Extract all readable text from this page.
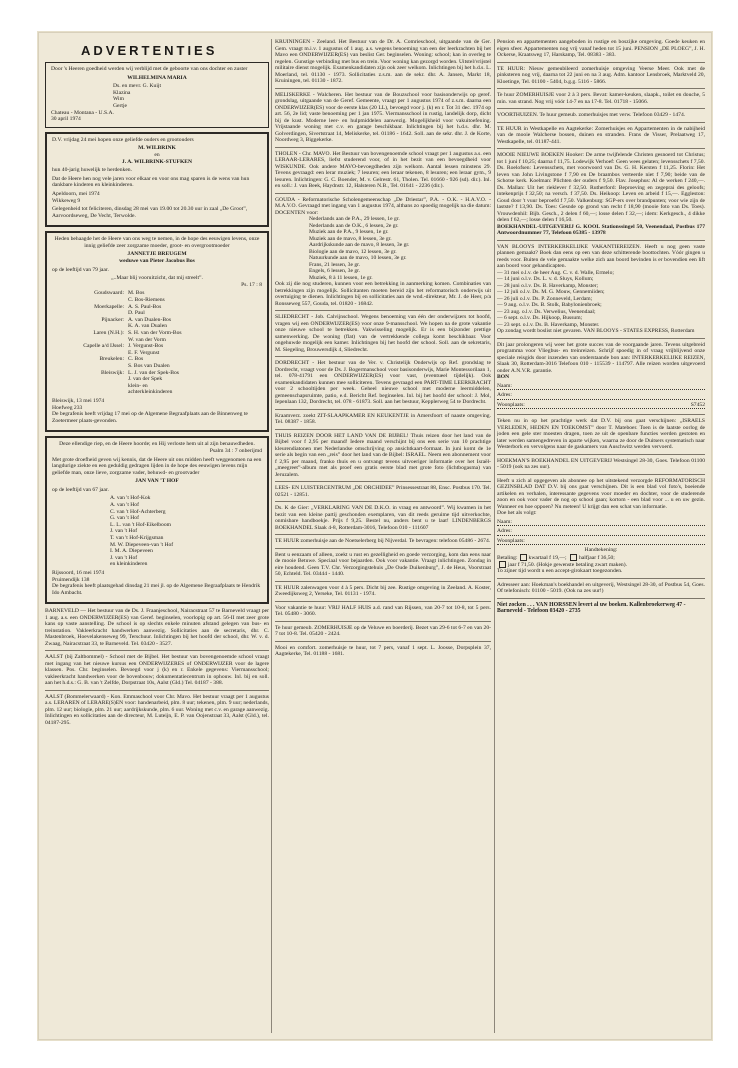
ADVERTENTIES

Door 's Heeren goedheid werden wij verblijd met de geboorte van ons dochter en zuster

WILHELMINA MARIA

Ds. en mevr. G. Kuijt
Klazina
Wim
Gertje
Chateau - Montana - U.S.A.
30 april 1974

D.V. vrijdag 24 mei hopen onze geliefde ouders en grootouders

M. WILBRINK

en

J. A. WILBRINK-STUFKEN

hun 40-jarig huwelijk te herdenken.

Dat de Heere hen nog vele jaren voor elkaar en voor ons mag sparen is de wens van hun dankbare kinderen en kleinkinderen.

Apeldoorn, mei 1974

Wikkeweg 9

Gelegenheid tot feliciteren, dinsdag 28 mei van 19.00 tot 20.30 uur in zaal „De Groot”, Aarvoordseweg, De Vecht, Terwolde.

Heden behaagde het de Heere van ons weg te nemen, in de hope des eeuwigen levens, onze innig geliefde zeer zorgzame moeder, groot- en overgrootmoeder

JANNETJE BREUGEM

weduwe van Pieter Jacobus Bos

op de leeftijd van 79 jaar.

„..Maar blij vooruitzicht, dat mij streelt”.

Ps. 17 : 8

Goudswaard: M. Bos
C. Bos-Riemens
Moerkapelle: A. S. Paul-Bos
D. Paul
Pijnacker: A. van Dualen-Bos
K. A. van Dualen
Laren (N.H.): S. H. van der Vorm-Bos
W. van der Vorm
Capelle a/d IJssel: J. Vergunst-Bos
E. F. Vergunst
Breukelen: C. Bos
S. Bos van Dualen
Bleiswijk: L. J. van der Spek-Bos
J. van der Spek
klein- en
achterkleinkinderen
Bleiswijk, 13 mei 1974
Hoefweg 233

De begrafenis heeft vrijdag 17 mei op de Algemene Begraafplaats aan de Binnenweg te Zoetermeer plaats-gevonden.

Deze ellendige riep, en de Heere hoorde; en Hij verloste hem uit al zijn benauwdheden.

Psalm 34 : 7 onberijmd

Met grote droefheid geven wij kennis, dat de Heere uit ons midden heeft weggenomen na een langdurige ziekte en een geduldig gedragen lijden in de hope des eeuwigen levens mijn geliefde man, onze lieve, zorgzame vader, behuwd- en grootvader

JAN VAN 'T HOF

op de leeftijd van 67 jaar.

A. van 't Hof-Kok
A. van 't Hof
C. van 't Hof-Achterberg
G. van 't Hof
L. L. van 't Hof-Eikelboom
J. van 't Hof
T. van 't Hof-Krijgsman
M. W. Diepeveen-van 't Hof
I. M. A. Diepeveen
J. van 't Hof
en kleinkinderen
Rijssoord, 16 mei 1974
Pruimendijk 138

De begrafenis heeft plaatsgehad dinsdag 21 mei jl. op de Algemene Begraafplaats te Hendrik Ido Ambacht.

BARNEVELD — Het bestuur van de Ds. J. Fraanjeschool, Nairacstraat 57 te Barneveld vraagt per 1 aug. a.s. een ONDERWIJZER(ES) van Geref. beginselen, voorlopig op art. 56-II met zeer grote kans op vaste aanstelling. De school is op slechts enkele minuten afstand gelegen van bus- en treinstation. Vakleerkracht handwerken aanwezig. Sollicitaties aan de secretaris, dhr. C. Mastenbroek, Hoevelakenseweg 99, Terschuur. Inlichtingen bij het hoofd der school, dhr. W. v. d. Zwaag, Nairacstraat 33, te Barneveld. Tel. 03420 - 3527.
AALST (bij Zaltbommel) - School met de Bijbel. Het bestuur van bovengenoemde school vraagt met ingang van het nieuwe kursus een ONDERWIJZERES of ONDERWIJZER voor de lagere klassen. Pos. Chr. beginselen. Bevoegd voor j (k) en r. Enkele gegevens: Viermansschool; vakleerkracht handwerken voor de bovenbouw; dokumentatiecentrum in ophouw. Inl. bij en soll. aan het h.d.s.: G. B. van 't Zelfde, Dorpstraat 10s, Aalst (Gld.) Tel. 04187 - 388.
AALST (Bommelerwaard) - Kon. Emmaschool voor Chr. Mavo. Het bestuur vraagt per 1 augustus a.s. LERAREN of LERARE(S)EN voor: handenarbeid, plm. 8 uur; tekenen, plm. 9 uur; nederlands, plm. 12 uur; biologie, plm. 21 uur; aardrijkskunde, plm. 6 uur. Woning met c.v. en garage aanwezig. Inlichtingen en sollicitaties aan de directeur, M. Luteijn, E. P. van Oojenstraat 33, Aalst (Gld.), tel. 04187-295.
KRUININGEN - Zeeland. Het Bestuur van de Dr. A. Comrieschool, uitgaande van de Ger. Gem. vraagt m.i.v. 1 augustus of 1 aug. a.s. wegens benoeming van een der leerkrachten bij het Mavo een ONDERWIJZER(ES) van beslist Ger. beginselen. Woning: school; kan in overleg te regelen. Gunstige verbinding met bus en trein. Voor woning kan gezorgd worden. Uitstel/vrijstel militaire dienst mogelijk. Examenkandidaten zijn ook zeer welkom. Inlichtingen bij het h.d.s. L. Moerland, tel. 01130 - 1973. Sollicitaties z.s.m. aan de sekr. dhr. A. Jansen, Markt 18, Kruiningen, tel. 01130 - 1872.
MELISKERKE - Walcheren. Het bestuur van de Bouzschool voor basisonderwijs op geref. grondslag, uitgaande van de Geref. Gemeente, vraagt per 1 augustus 1974 of z.s.m. daarna een ONDERWIJZER(ES) voor de eerste klas (20 LL), bevoegd voor j. (k) en r. Tot 31 dec. 1974 op art. 56, 2e lid; vaste benoeming per 1 jan 1975. Viermansschool in rustig, landelijk dorp, dicht bij de kust. Moderne leer- en hulpmiddelen aanwezig. Mogelijkheid voor vakuitoefening. Vrijstaande woning met c.v. en garage beschikbaar. Inlichtingen bij het h.d.s. dhr. M. Golverdingen, Sivertstraat 14, Meliskerke, tel. 01186 - 1642. Soll. aan de sekr. dhr. J. de Korte, Noordweg 3, Biggekerke.
THOLEN - Chr. MAVO. Het Bestuur van bovengenoemde school vraagt per 1 augustus a.s. een LERAAR-LERARES, liefst studerend voor, of in het bezit van een bevoegdheid voor WISKUNDE. Ook andere MAVO-bevoegdheden zijn welkom. Aantal lessen minstens 29. Tevens gevraagd: een lerar muziek; 7 lesuren; een leraar tekenen, 8 lesuren; een leraar gym., 9 lesuren. Inlichtingen: G. C. Boender, M. v. Gelrestr. 61, Tholen. Tel. 01660 - 926 (sd). dir.). Inl. en soll.: J. van Beek, Haydnstr. 12, Halsteren N.B., Tel. 01641 - 2236 (dir.).
GOUDA - Reformatorische Scholengemeenschap „De Driestar”, P.A. - O.K. - H.A.V.O. - M.A.V.O. Gevraagd met ingang van 1 augustus 1974, althans zo spoedig mogelijk na die datum: DOCENTEN voor:
Nederlands aan de P.A., 29 lessen, 1e gr.
Nederlands aan de O.K., 6 lessen, 2e gr.
Muziek aan de P.A., 9 lessen, 1e gr.
Muziek aan de mavo, 8 lessen, 3e gr.
Aardrijkskunde aan de mavo, 8 lessen, 3e gr.
Biologie aan de mavo, 12 lessen, 3e gr.
Natuurkunde aan de mavo, 10 lessen, 3e gr.
Frans, 21 lessen, 3e gr.
Engels, 6 lessen, 3e gr.
Muziek, 8 à 11 lessen, 1e gr.
Ook zij die nog studeren, kunnen voor een betrekking in aanmerking komen. Combinaties van betrekkingen zijn mogelijk. Sollicitanten moeten bereid zijn het reformatorisch onderwijs uit overtuiging te dienen. Inlichtingen bij en sollicitaties aan de wnd.-direkteur, Mr. J. de Heer, p/a Ronsseweg 557, Gouda, tel. 01820 - 16842.
SLIEDRECHT - Job. Calvijnschool. Wegens benoeming van één der onderwijzers tot hoofd, vragen wij een ONDERWIJZER(ES) voor onze 9-mansschool. We hopen na de grote vakantie onze nieuwe school te betrekken. Vakwisseling mogelijk. Er is een bijzonder prettige samenwerking. De woning (flat) van de vertrekkende collega komt beschikbaar. Voor ongehuwde mogelijk een kamer. Inlichtingen bij het hoofd der school. Soll. aan de sekretaris, M. Siegeling, Brouwersdijk 4, Sliedrecht.
DORDRECHT - Het bestuur van de Ver. v. Christelijk Onderwijs op Ref. grondslag te Dordrecht, vraagt voor de Ds. J. Bogermanschool voor basisonderwijs, Marie Montessorilaan 1, tel. 078-41791 een ONDERWIJZER(ES) voor vast, (eventueel tijdelijk). Ook examenkandidaten kunnen mee solliciteren. Tevens gevraagd een PART-TIME LEERKRACHT voor 2 schooltijden per week. Geheel nieuwe school met moderne leermiddelen, gemeenschapsruimte, patio, e.d. Bericht Ref. beginselen. Inl. bij het hoofd der school: J. Mol, Iepenlaan 132, Dordrecht, tel. 078 - 61873. Soll. aan het bestuur, Kepplerweg 54 te Dordrecht.
Kraamverz. zoekt ZIT-SLAAPKAMER EN KEUKENTJE in Amersfoort of naaste omgeving. Tel. 08387 - 1858.
THUIS REIZEN DOOR HET LAND VAN DE BIJBEL! Thuis reizen door het land van de Bijbel voor f 2,95 per maand! Iedere maand verschijnt bij ons een serie van 10 prachtige kleurendiatonen met Nederlandse omschrijving op ansichtkaart-formaat. In juni komt de 1e serie als begin van een „reis” door het land van de Bijbel: ISRAEL. Neem een abonnement voor f 2,95 per maand, franko thuis en u ontvangt tevens uitvoeriger informatie over het Israël-„meegreet”-album met als proef een gratis eerste blad met grote foto (lichtbogasma) van Jeruzalem.
LEES- EN LUISTERCENTRUM „DE ORCHIDEE” Prinsessestraat 88, Ensc. Postbus 170. Tel. 02521 - 12851.
Ds. K de Gier: „VERKLARING VAN DE D.K.O. in vraag en antwoord”. Wij kwamen in het bezit van een kleine partij geschonden exemplaren, van dit reeds geruime tijd uitverkochte, onmisbare handboekje. Prijs f 9,25. Bestel nu, anders bent u te laat! LINDENBERGS BOEKHANDEL Slaak 4-8, Rotterdam-3016, Telefoon 010 - 111607
TE HUUR zomerhuisje aan de Noetselerberg bij Nijverdal. Te bevragen: telefoon 05486 - 2674.
Bent u eenzaam of alleen, zoekt u rust en gezelligheid en goede verzorging, kom dan eens naar de mooie Betuwe. Speciaal voor bejaarden. Ook voor vakantie. Vraagt inlichtingen. Zondag in eire houdend. Geen T.V. Chr. Verzorgingstehuis „De Oude Duikenburg”, J. de Heus, Voorstraat 50, Echteld. Tel. 03444 - 1440.
TE HUUR zalenwagen voor 4 à 5 pers. Dicht bij zee. Rustige omgeving in Zeeland. A. Koster, Zweedijksweg 2, Yerseke, Tel. 01131 - 1974.
Voor vakantie te huur: VRIJ HALF HUIS a.d. rand van Rijssen, van 20-7 tot 10-8, tot 5 pers. Tel. 05480 - 3060.
Te huur gemeub. ZOMERHUISJE op de Veluwe en boerderij. Bezet van 29-6 tot 6-7 en van 20-7 tot 10-8. Tel. 05420 - 2424.
Mooi en comfort. zomerhuisje te huur, tot 7 pers, vanaf 1 sept. L. Joosse, Dorpsplein 37, Aagtekerke, Tel. 01188 - 1681.
Pension en appartementen aangeboden in rustige en boszijke omgeving. Goede keuken en eigen sfeer. Appartementen nog vrij vanaf heden tot 15 juni. PENSION „DE PLOEG”, J. H. Ockerse, Kraatsweg 17, Harskamp, Tel. 08383 - 383.
TE HUUR: Nieuw gemeubileerd zomerhuisje omgeving Veerse Meer. Ook met de pinksteren nog vrij, daarna tot 22 juni en na 3 aug. Adm. kantoor Lensbroek, Marktveld 20, Kloetinge, Tel. 01100 - 5404, b.g.g. 5116 - 5866.
Te huur ZOMERHUISJE voor 2 à 3 pers. Bevat: kamer-keuken, slaapk., toilet en douche, 5 min. van strand. Nog vrij vóór 14-7 en na 17-8. Tel. 01718 - 15066.
VOORTHUIZEN. Te huur gemeub. zomerhuisjes met verw. Telefoon 03429 - 1474.
TE HUUR in Westkapelle en Aagtekerke: Zomerhuisjes en Appartementen in de nabijheid van de mooie Walcherse bossen, duinen en stranden. Frans de Visser, Prelaatweg 17, Westkapelle, tel. 01187-441.
MOOIE NIEUWE BOEKEN Hooker: De arme twijfelende Christen gesnoerd tot Christus; tot 1 juni f 10,25; daarna f 11,75. Lodewijk Verhoef: Geen wees gelaten; levensschets f 7,50. Ds. Roelofsen: Levensschets, met voorwoord van Ds. G. H. Kersten f 11,25. Florin: Het leven van John Livingstone f 7,90 en De braambos verteerde niet f 7,90; beide van de Schotse kerk. Koelman: Plichten der ouders f 9,50. Flav. Josephus: Al de werken f 240,—. Ds. Mallan: Uit het rieklever f 32,50. Rutherford: Beproeving en zegeprai des geloofs; intekenprijs f 32,50; na versch. f 37,50. Ds. Heikoop: Leven en arbeid f 15,—. Eggleston: Goud door 't vuur beproefd f 7,50. Valkenburg: SGP-ers over brandpunten; voor wie zijn de lastste? f 13,90. Ds. Toes: Gesnde op grond van recht f 18,90 (mooie foto van Ds. Toes). Vrouwdenhil: Bijb. Gesch., 2 delen f 60,—; losse delen f 32,—; idem: Kerkgesch., 4 dikke delen f 62,—; losse delen f 16,50.
BOEKHANDEL-UITGEVERIJ G. KOOL Stationssingel 50, Veenendaal, Postbus 177 Antwoordnummer 77, Telefoon 05385 - 13978
VAN BLOOYS INTERKERKELIJKE VAKANTIEREIZEN. Heeft u nog geen vaste plannen gemaakt? Boek dan eens op een van deze schitterende boottochten. Vóór gingen u reeds voor. Buiten de vele gemaakte welke zich aan boord bevinden is er bovendien een lift aan boord voor gehandicapten.
— 31 mei o.l.v. de heer Aug. C. v. d. Walle, Ermelo;
— 14 juni o.l.v. Ds. L. v. d. Sluys, Kollum;
— 28 juni o.l.v. Ds. B. Haverkamp, Monster;
— 12 juli o.l.v. Ds. M. G. Mouw, Gennemiiden;
— 26 juli o.l.v. Ds. P. Zonneveld, Lerdam;
— 9 aug. o.l.v. Ds. B. Stolk, Babylonienbroek;
— 23 aug. o.l.v. Ds. Verwelius, Veenendaal;
— 6 sept. o.l.v. Ds. Hijkoop, Bussum;
— 23 sept. o.l.v. Ds. B. Haverkamp, Monster.
Op zondag wordt boslist niet gevaren. VAN BLOOYS - STATES EXPRESS, Rotterdam
Dit jaar prolongeren wij weer het grote succes van de voorgaande jaren. Tevens uitgebreid programma voor Vliegbus- en treinreizen. Schrijf spoedig in of vraag vrijblijvend onze speciale reisgids door inzenden van onderstaande bon aan: INTERKERKELIJKE REIZEN, Slaak 30, Rotterdam-3016 Telefoon 010 - 115539 - 114797. Alle reizen worden uitgevoerd onder A.N.V.R. garantie.
BON
Naam:
Adres:
Woonplaats:	S7452
Teken nu in op het prachtige werk dat D.V. bij ons gaat verschijnen: „ISRAELS VERLEDEN, HEDEN EN TOEKOMST” door T. Mateboer. Toen is de laatste oorlog de joden een gele ster moesten dragen, toen ze uit de openbare functies werden gestoten en later werden samengedreven in aparte wijken, waarna ze door de Duitsers systematisch naar Westerbork en vervolgens naar de gaskamers van Auschwitz werden vervoerd.
HOEKMAN'S BOEKHANDEL EN UITGEVERIJ Westsingel 28-30, Goes. Telefoon 01100 - 5019 (ook na zes uur).
Heeft u zich al opgegeven als abonnee op het uitstekend verzorgde REFORMATORISCH GEZINSBLAD DAT D.V. bij ons gaat verschijnen. Dit is een blad vol foto's, boeiende artikelen en verhalen, interessante gegevens voor moeder en dochter, voor de studerende zoon en ook voor vader de nog op school gaan; kortom - een blad voor ... u en uw gezin. Wanneer en hoe oppoen? Nu meteen! U krijgt dan een schat van informatie.
Doe het als volgt:
Naam:
Adres:
Woonplaats:
Handtekening:
Betaling: kwartaal f 19,—; halfjaar f 36,50;
jaar f 71,50. (Hokje gewenste betaling zwart maken).
To zijner tijd wordt u een accept-girokaart toegezonden.
Adresseer aan: Hoekman's boekhandel en uitgeverij, Westsingel 28-30, of Postbus 54, Goes. Of telefonisch: 01100 - 5019. (Ook na zes uur!)
Niet zocken . . . VAN HORSSEN levert al uw boeken. Kallenbroekerweg 47 - Barneveld - Telefoon 03420 - 2735
